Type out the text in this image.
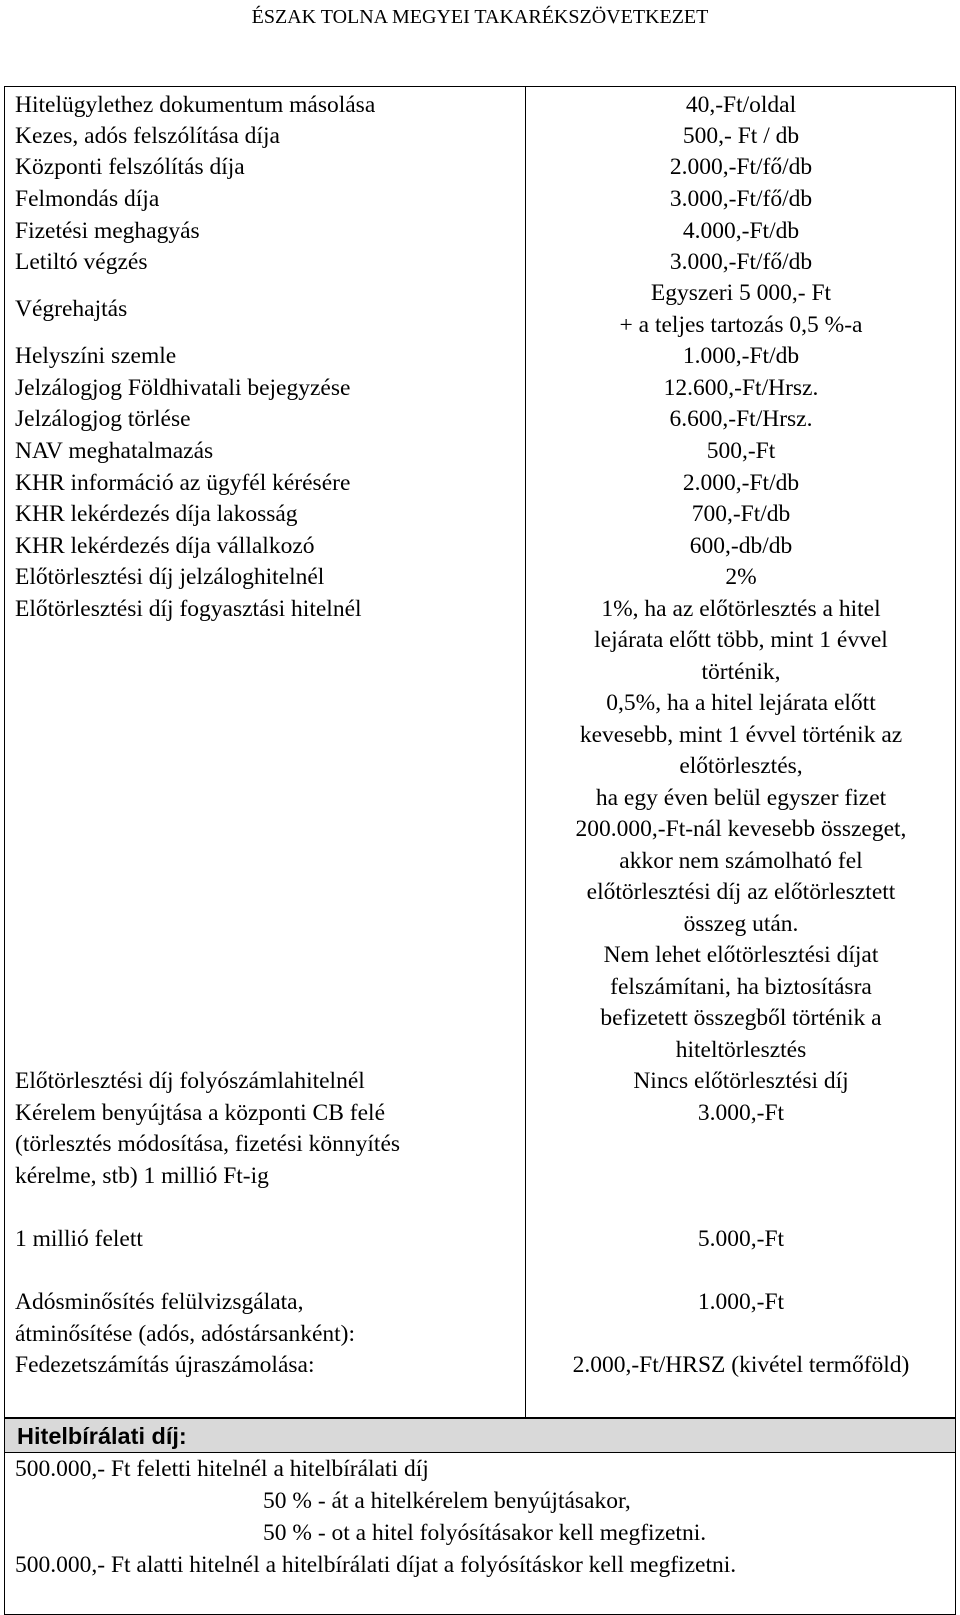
ÉSZAK TOLNA MEGYEI TAKARÉKSZÖVETKEZET
Hitelügylethez dokumentum másolása
Kezes, adós felszólítása díja
Központi felszólítás díja
Felmondás díja
Fizetési meghagyás
Letiltó végzés
Végrehajtás
Helyszíni szemle
Jelzálogjog Földhivatali bejegyzése
Jelzálogjog törlése
NAV meghatalmazás
KHR információ az ügyfél kérésére
KHR lekérdezés díja lakosság
KHR lekérdezés díja vállalkozó
Előtörlesztési díj jelzáloghitelnél
Előtörlesztési díj fogyasztási hitelnél
Előtörlesztési díj folyószámlahitelnél
Kérelem benyújtása a központi CB felé
(törlesztés módosítása, fizetési könnyítés
kérelme, stb) 1 millió Ft-ig
1 millió felett
Adósminősítés felülvizsgálata,
átminősítése (adós, adóstársanként):
Fedezetszámítás újraszámolása:
40,-Ft/oldal
500,- Ft / db
2.000,-Ft/fő/db
3.000,-Ft/fő/db
4.000,-Ft/db
3.000,-Ft/fő/db
Egyszeri 5 000,- Ft
+ a teljes tartozás 0,5 %-a
1.000,-Ft/db
12.600,-Ft/Hrsz.
6.600,-Ft/Hrsz.
500,-Ft
2.000,-Ft/db
700,-Ft/db
600,-db/db
2%
1%, ha az előtörlesztés a hitel
lejárata előtt több, mint 1 évvel
történik,
0,5%, ha a hitel lejárata előtt
kevesebb, mint 1 évvel történik az
előtörlesztés,
ha egy éven belül egyszer fizet
200.000,-Ft-nál kevesebb összeget,
akkor nem számolható fel
előtörlesztési díj az előtörlesztett
összeg után.
Nem lehet előtörlesztési díjat
felszámítani, ha biztosításra
befizetett összegből történik a
hiteltörlesztés
Nincs előtörlesztési díj
3.000,-Ft
5.000,-Ft
1.000,-Ft
2.000,-Ft/HRSZ (kivétel termőföld)
Hitelbírálati díj:
500.000,- Ft feletti hitelnél a hitelbírálati díj
50 % - át a hitelkérelem benyújtásakor,
50 % - ot a hitel folyósításakor kell megfizetni.
500.000,- Ft alatti hitelnél a hitelbírálati díjat a folyósításkor kell megfizetni.
